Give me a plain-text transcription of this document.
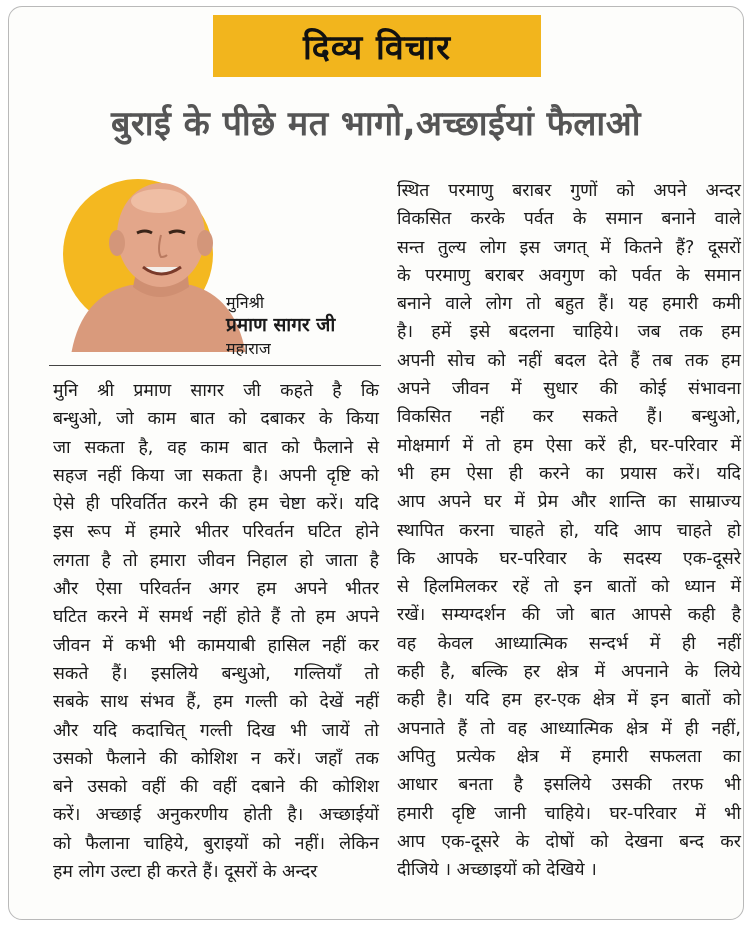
दिव्य विचार
बुराई के पीछे मत भागो,अच्छाईयां फैलाओ
मुनिश्री
प्रमाण सागर जी
महाराज
मुनि श्री प्रमाण सागर जी कहते है कि
बन्धुओ, जो काम बात को दबाकर के किया
जा सकता है, वह काम बात को फैलाने से
सहज नहीं किया जा सकता है। अपनी दृष्टि को
ऐसे ही परिवर्तित करने की हम चेष्टा करें। यदि
इस रूप में हमारे भीतर परिवर्तन घटित होने
लगता है तो हमारा जीवन निहाल हो जाता है
और ऐसा परिवर्तन अगर हम अपने भीतर
घटित करने में समर्थ नहीं होते हैं तो हम अपने
जीवन में कभी भी कामयाबी हासिल नहीं कर
सकते हैं। इसलिये बन्धुओ, गल्तियाँ तो
सबके साथ संभव हैं, हम गल्ती को देखें नहीं
और यदि कदाचित् गल्ती दिख भी जायें तो
उसको फैलाने की कोशिश न करें। जहाँ तक
बने उसको वहीं की वहीं दबाने की कोशिश
करें। अच्छाई अनुकरणीय होती है। अच्छाईयों
को फैलाना चाहिये, बुराइयों को नहीं। लेकिन
हम लोग उल्टा ही करते हैं। दूसरों के अन्दर
स्थित परमाणु बराबर गुणों को अपने अन्दर
विकसित करके पर्वत के समान बनाने वाले
सन्त तुल्य लोग इस जगत् में कितने हैं? दूसरों
के परमाणु बराबर अवगुण को पर्वत के समान
बनाने वाले लोग तो बहुत हैं। यह हमारी कमी
है। हमें इसे बदलना चाहिये। जब तक हम
अपनी सोच को नहीं बदल देते हैं तब तक हम
अपने जीवन में सुधार की कोई संभावना
विकसित नहीं कर सकते हैं। बन्धुओ,
मोक्षमार्ग में तो हम ऐसा करें ही, घर-परिवार में
भी हम ऐसा ही करने का प्रयास करें। यदि
आप अपने घर में प्रेम और शान्ति का साम्राज्य
स्थापित करना चाहते हो, यदि आप चाहते हो
कि आपके घर-परिवार के सदस्य एक-दूसरे
से हिलमिलकर रहें तो इन बातों को ध्यान में
रखें। सम्यग्दर्शन की जो बात आपसे कही है
वह केवल आध्यात्मिक सन्दर्भ में ही नहीं
कही है, बल्कि हर क्षेत्र में अपनाने के लिये
कही है। यदि हम हर-एक क्षेत्र में इन बातों को
अपनाते हैं तो वह आध्यात्मिक क्षेत्र में ही नहीं,
अपितु प्रत्येक क्षेत्र में हमारी सफलता का
आधार बनता है इसलिये उसकी तरफ भी
हमारी दृष्टि जानी चाहिये। घर-परिवार में भी
आप एक-दूसरे के दोषों को देखना बन्द कर
दीजिये । अच्छाइयों को देखिये ।
